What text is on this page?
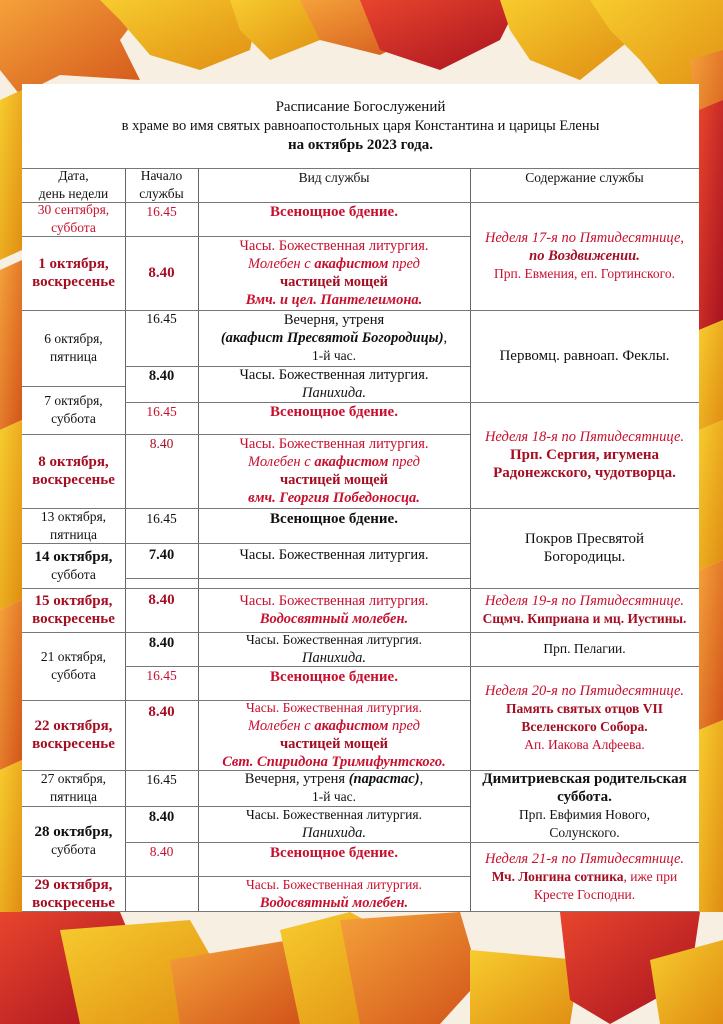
Расписание Богослужений
в храме во имя святых равноапостольных царя Константина и царицы Елены
на октябрь 2023 года.
Дата,
день недели
Начало
службы
Вид службы	Содержание службы
30 сентября,
суббота
1 октября,
воскресенье
6 октября,
пятница
7 октября,
суббота
8 октября,
воскресенье
13 октября,
пятница
14 октября,
суббота
15 октября,
воскресенье
21 октября,
суббота
22 октября,
воскресенье
27 октября,
пятница
28 октября,
суббота
29 октября,
воскресенье
16.45
8.40
16.45
8.40
16.45
8.40
16.45
7.40
8.40
8.40
16.45
8.40
16.45
8.40
8.40
Всенощное бдение.
Часы. Божественная литургия.
Молебен с акафистом пред
частицей мощей
Вмч. и цел. Пантелеимона.
Вечерня, утреня
(акафист Пресвятой Богородицы),
1-й час.
Часы. Божественная литургия.
Панихида.
Всенощное бдение.
Часы. Божественная литургия.
Молебен с акафистом пред
частицей мощей
вмч. Георгия Победоносца.
Всенощное бдение.
Часы. Божественная литургия.
Часы. Божественная литургия.
Водосвятный молебен.
Часы. Божественная литургия.
Панихида.
Всенощное бдение.
Часы. Божественная литургия.
Молебен с акафистом пред
частицей мощей
Свт. Спиридона Тримифунтского.
Вечерня, утреня (парастас),
1-й час.
Часы. Божественная литургия.
Панихида.
Всенощное бдение.
Часы. Божественная литургия.
Водосвятный молебен.
Неделя 17-я по Пятидесятнице,
по Воздвижении.
Прп. Евмения, еп. Гортинского.
Первомц. равноап. Феклы.
Неделя 18-я по Пятидесятнице.
Прп. Сергия, игумена
Радонежского, чудотворца.
Покров Пресвятой
Богородицы.
Неделя 19-я по Пятидесятнице.
Сщмч. Киприана и мц. Иустины.
Прп. Пелагии.
Неделя 20-я по Пятидесятнице.
Память святых отцов VII
Вселенского Собора.
Ап. Иакова Алфеева.
Димитриевская родительская
суббота.
Прп. Евфимия Нового,
Солунского.
Неделя 21-я по Пятидесятнице.
Мч. Лонгина сотника, иже при
Кресте Господни.
